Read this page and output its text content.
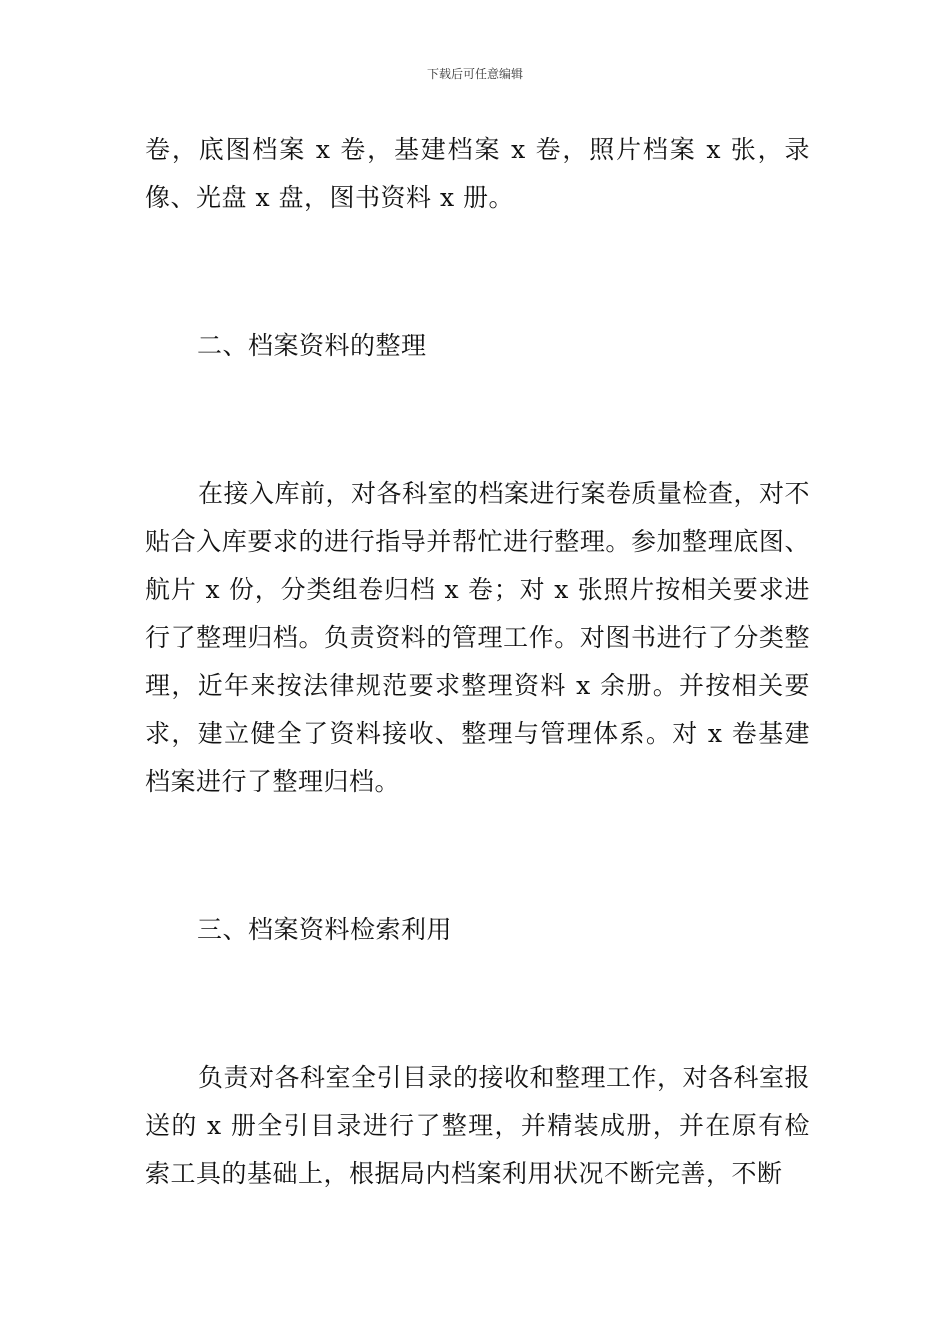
下载后可任意编辑

卷，底图档案 x 卷，基建档案 x 卷，照片档案 x 张，录像、光盘 x 盘，图书资料 x 册。

二、档案资料的整理

在接入库前，对各科室的档案进行案卷质量检查，对不贴合入库要求的进行指导并帮忙进行整理。参加整理底图、航片 x 份，分类组卷归档 x 卷；对 x 张照片按相关要求进行了整理归档。负责资料的管理工作。对图书进行了分类整理，近年来按法律规范要求整理资料 x 余册。并按相关要求，建立健全了资料接收、整理与管理体系。对 x 卷基建档案进行了整理归档。

三、档案资料检索利用

负责对各科室全引目录的接收和整理工作，对各科室报送的 x 册全引目录进行了整理，并精装成册，并在原有检索工具的基础上，根据局内档案利用状况不断完善，不断
